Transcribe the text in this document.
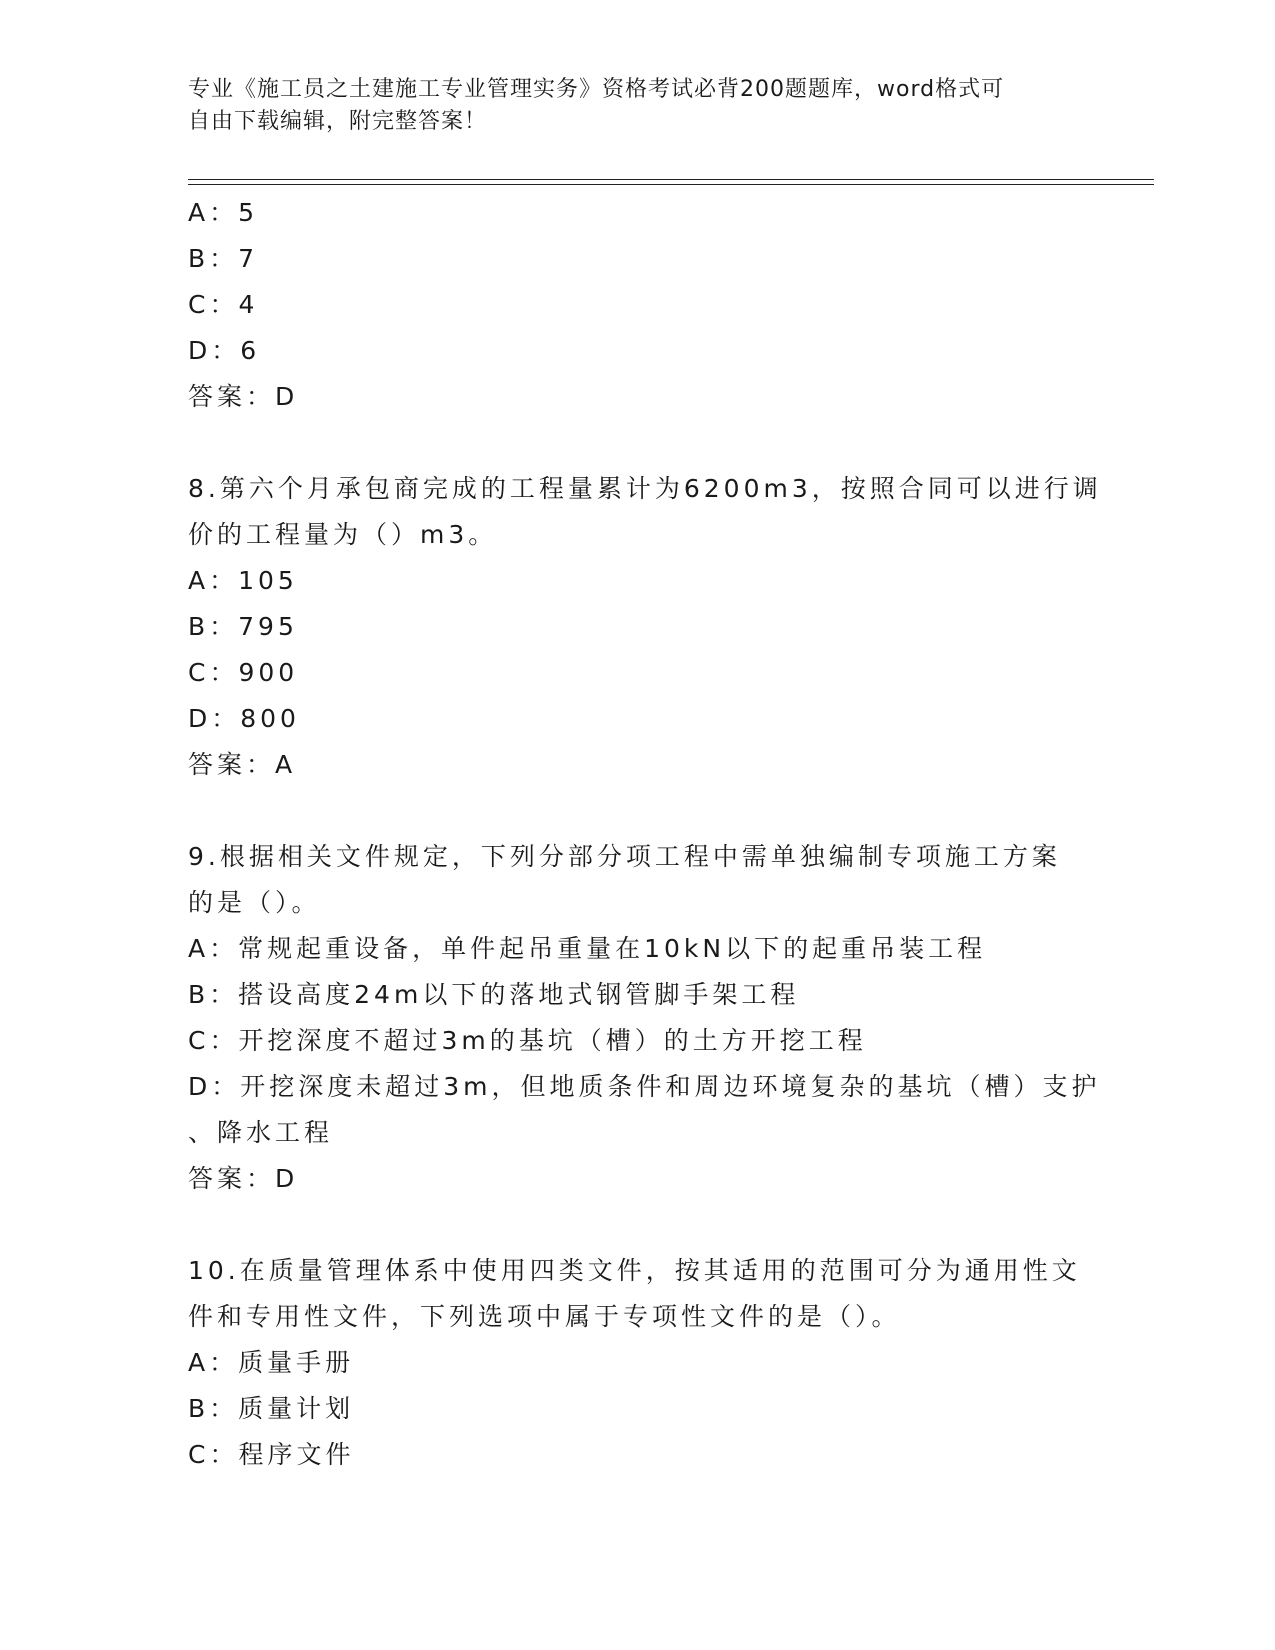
专业《施工员之土建施工专业管理实务》资格考试必背200题题库，word格式可
自由下载编辑，附完整答案！
A：5
B：7
C：4
D：6
答案：D
8.第六个月承包商完成的工程量累计为6200m3，按照合同可以进行调
价的工程量为（）m3。
A：105
B：795
C：900
D：800
答案：A
9.根据相关文件规定，下列分部分项工程中需单独编制专项施工方案
的是（）。
A：常规起重设备，单件起吊重量在10kN以下的起重吊装工程
B：搭设高度24m以下的落地式钢管脚手架工程
C：开挖深度不超过3m的基坑（槽）的土方开挖工程
D：开挖深度未超过3m，但地质条件和周边环境复杂的基坑（槽）支护
、降水工程
答案：D
10.在质量管理体系中使用四类文件，按其适用的范围可分为通用性文
件和专用性文件，下列选项中属于专项性文件的是（）。
A：质量手册
B：质量计划
C：程序文件
